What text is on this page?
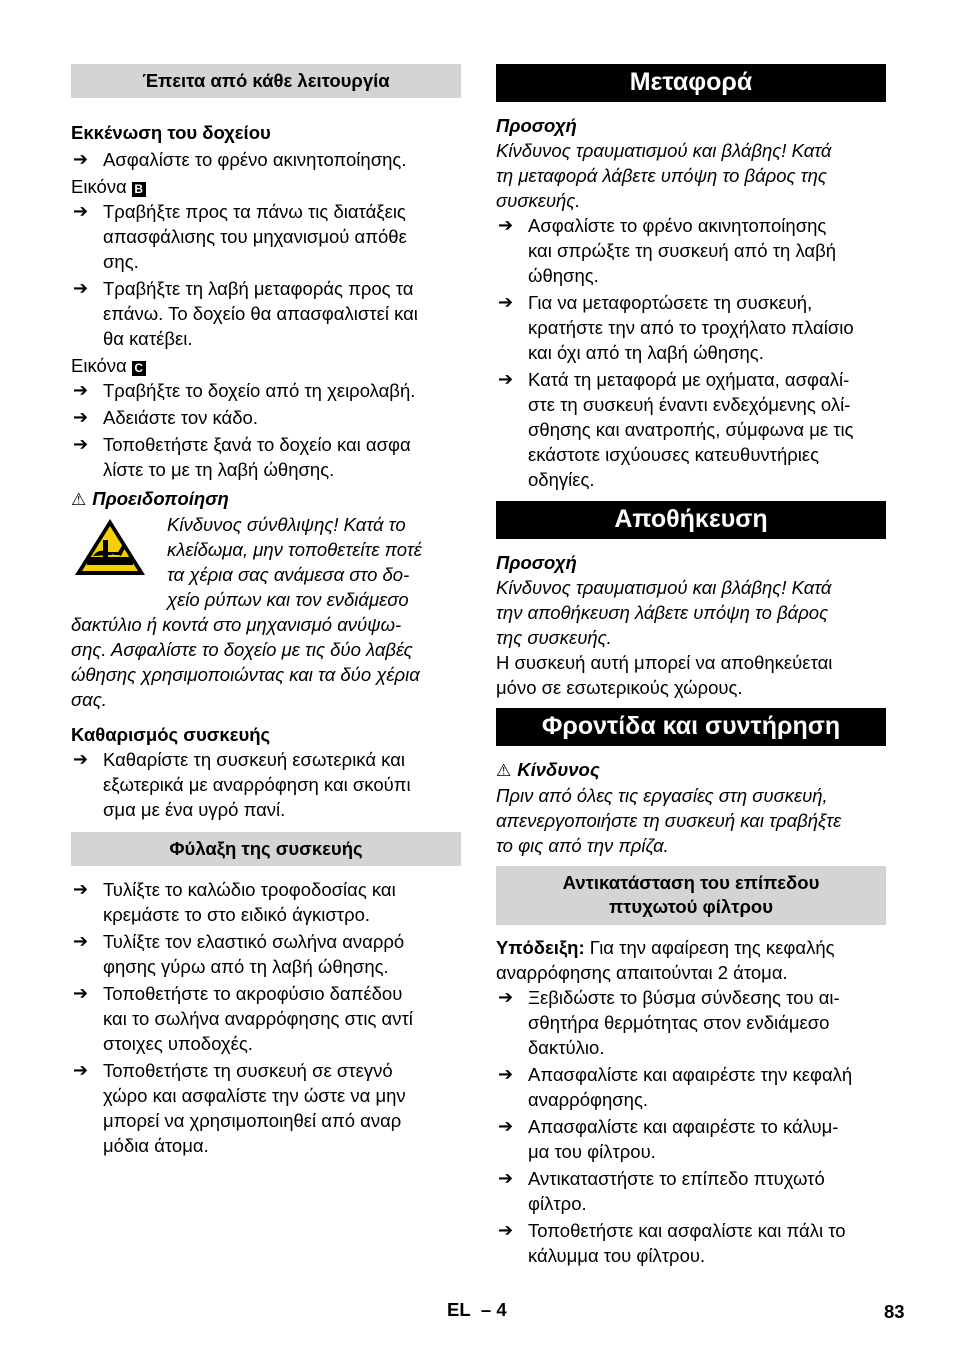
Έπειτα από κάθε λειτουργία
Εκκένωση του δοχείου
➔ Ασφαλίστε το φρένο ακινητοποίησης.
Εικόνα B
➔ Τραβήξτε προς τα πάνω τις διατάξεις
απασφάλισης του μηχανισμού απόθε
σης.
➔ Τραβήξτε τη λαβή μεταφοράς προς τα
επάνω. Το δοχείο θα απασφαλιστεί και
θα κατέβει.
Εικόνα C
➔ Τραβήξτε το δοχείο από τη χειρολαβή.
➔ Αδειάστε τον κάδο.
➔ Τοποθετήστε ξανά το δοχείο και ασφα
λίστε το με τη λαβή ώθησης.
⚠ Προειδοποίηση
Κίνδυνος σύνθλιψης! Κατά το
κλείδωμα, μην τοποθετείτε ποτέ
τα χέρια σας ανάμεσα στο δο-
χείο ρύπων και τον ενδιάμεσο
δακτύλιο ή κοντά στο μηχανισμό ανύψω-
σης. Ασφαλίστε το δοχείο με τις δύο λαβές
ώθησης χρησιμοποιώντας και τα δύο χέρια
σας.
Καθαρισμός συσκευής
➔ Καθαρίστε τη συσκευή εσωτερικά και
εξωτερικά με αναρρόφηση και σκούπι
σμα με ένα υγρό πανί.
Φύλαξη της συσκευής
➔ Τυλίξτε το καλώδιο τροφοδοσίας και
κρεμάστε το στο ειδικό άγκιστρο.
➔ Τυλίξτε τον ελαστικό σωλήνα αναρρό
φησης γύρω από τη λαβή ώθησης.
➔ Τοποθετήστε το ακροφύσιο δαπέδου
και το σωλήνα αναρρόφησης στις αντί
στοιχες υποδοχές.
➔ Τοποθετήστε τη συσκευή σε στεγνό
χώρο και ασφαλίστε την ώστε να μην
μπορεί να χρησιμοποιηθεί από αναρ
μόδια άτομα.
Μεταφορά
Προσοχή
Κίνδυνος τραυματισμού και βλάβης! Κατά
τη μεταφορά λάβετε υπόψη το βάρος της
συσκευής.
➔ Ασφαλίστε το φρένο ακινητοποίησης
και σπρώξτε τη συσκευή από τη λαβή
ώθησης.
➔ Για να μεταφορτώσετε τη συσκευή,
κρατήστε την από το τροχήλατο πλαίσιο
και όχι από τη λαβή ώθησης.
➔ Κατά τη μεταφορά με οχήματα, ασφαλί-
στε τη συσκευή έναντι ενδεχόμενης ολί-
σθησης και ανατροπής, σύμφωνα με τις
εκάστοτε ισχύουσες κατευθυντήριες
οδηγίες.
Αποθήκευση
Προσοχή
Κίνδυνος τραυματισμού και βλάβης! Κατά
την αποθήκευση λάβετε υπόψη το βάρος
της συσκευής.
Η συσκευή αυτή μπορεί να αποθηκεύεται
μόνο σε εσωτερικούς χώρους.
Φροντίδα και συντήρηση
⚠ Κίνδυνος
Πριν από όλες τις εργασίες στη συσκευή,
απενεργοποιήστε τη συσκευή και τραβήξτε
το φις από την πρίζα.
Αντικατάσταση του επίπεδου
πτυχωτού φίλτρου
Υπόδειξη: Για την αφαίρεση της κεφαλής
αναρρόφησης απαιτούνται 2 άτομα.
➔ Ξεβιδώστε το βύσμα σύνδεσης του αι-
σθητήρα θερμότητας στον ενδιάμεσο
δακτύλιο.
➔ Απασφαλίστε και αφαιρέστε την κεφαλή
αναρρόφησης.
➔ Απασφαλίστε και αφαιρέστε το κάλυμ-
μα του φίλτρου.
➔ Αντικαταστήστε το επίπεδο πτυχωτό
φίλτρο.
➔ Τοποθετήστε και ασφαλίστε και πάλι το
κάλυμμα του φίλτρου.
EL – 4	83
